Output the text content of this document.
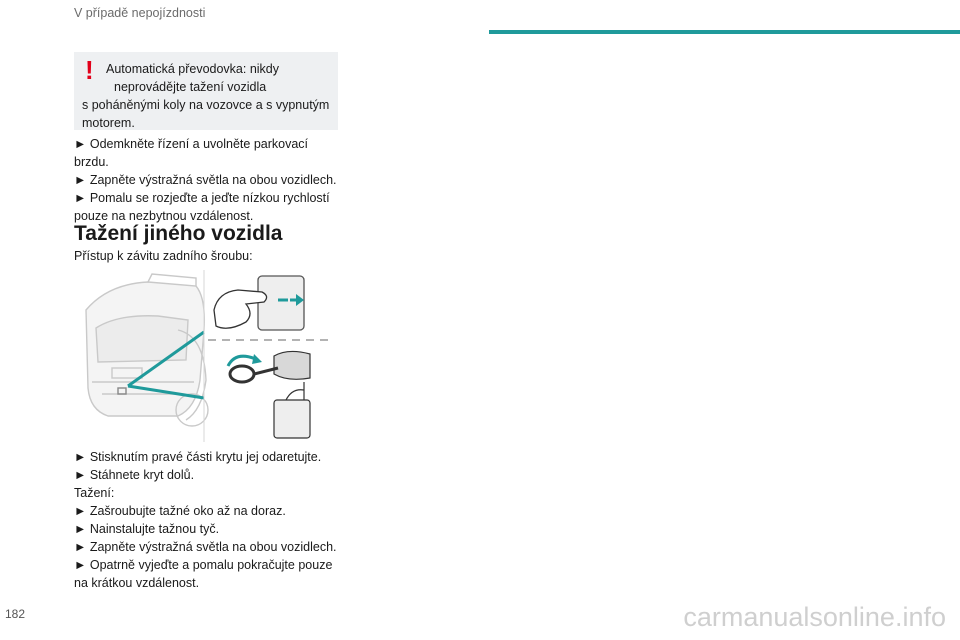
V případě nepojízdnosti
! Automatická převodovka: nikdy
neprovádějte tažení vozidla
s poháněnými koly na vozovce a s vypnutým
motorem.

► Odemkněte řízení a uvolněte parkovací

brzdu.

► Zapněte výstražná světla na obou vozidlech.

► Pomalu se rozjeďte a jeďte nízkou rychlostí

pouze na nezbytnou vzdálenost.

Tažení jiného vozidla
Přístup k závitu zadního šroubu:

► Stisknutím pravé části krytu jej odaretujte.

► Stáhnete kryt dolů.

Tažení:

► Zašroubujte tažné oko až na doraz.

► Nainstalujte tažnou tyč.

► Zapněte výstražná světla na obou vozidlech.

► Opatrně vyjeďte a pomalu pokračujte pouze

na krátkou vzdálenost.

182	carmanualsonline.info
